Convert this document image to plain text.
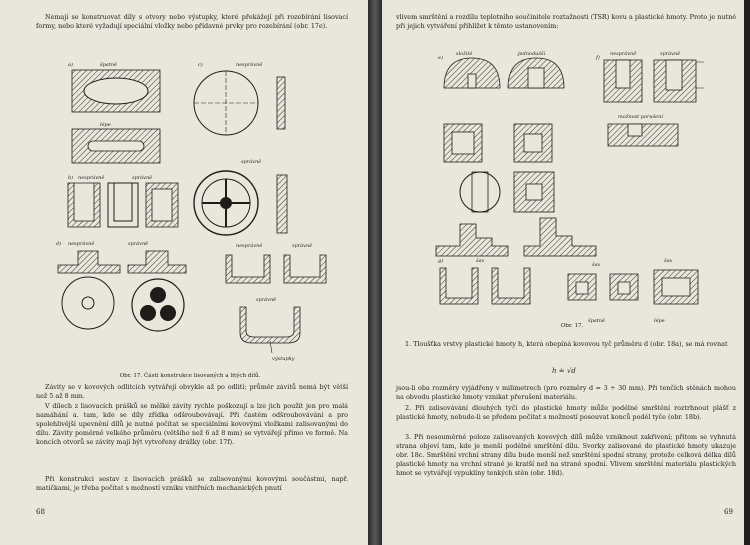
Nemají se konstruovat díly s otvory nebo výstupky, které překážejí při rozebírání lisovací formy, nebo které vyžadují speciální vložky nebo přídavné prvky pro rozebírání (obr. 17e).

a)	špatně
lépe
c)	nesprávně
správně
b) nesprávně	správně
d) nesprávně	správně	nesprávně	správně
správně
výstupky
Obr. 17. Části konstrukce lisovaných a litých dílů.

Závity se v kovových odlitcích vytvářejí obvykle až po odlití; průměr závitů nemá být větší než 5 až 8 mm.

V dílech z lisovacích prášků se mělké závity rychle poškozují a lze jich použít jen pro malá namáhání a. tam, kde se díly zřídka odšroubovávají. Při častém odšroubovávání a pro spolehlivější upevnění dílů je nutné počítat se speciálními kovovými vložkami zalisovanými do dílu. Závity poměrně velkého průměru (většího než 6 až 8 mm) se vytvářejí přímo ve formě. Na koncích otvorů se závity mají být vytvořeny drážky (obr. 17f).

Při konstrukci sestav z lisovacích prášků se zalisovanými kovovými součástmi, např. matičkami, je třeba počítat s možností vzniku vnitřních mechanických pnutí

68

vlivem smrštění a rozdílu teplotního součinitele roztažnosti (TSR) kovu a plastické hmoty. Proto je nutné při jejich vytváření přihlížet k těmto ustanovením:

e)
složité	jednodušší
f)
nesprávně	správně
možnost porušení
g)	šav
šav
šav
špatně	lépe
Obr. 17.

1. Tloušťka vrstvy plastické hmoty h, která obepíná kovovou tyč průměru d (obr. 18a), se má rovnat

h ≐ √d

jsou-li oba rozměry vyjádřeny v milimetrech (pro rozměry d = 3 ÷ 30 mm). Při tenčích stěnách mohou na obvodu plastické hmoty vznikat přerušení materiálu.

2. Při zalisovávání dlouhých tyčí do plastické hmoty může podélné smrštění roztrhnout plášť z plastické hmoty, nebude-li se předem počítat s možností posouvat konců podél tyče (obr. 18b).

3. Při nesouměrné poloze zalisovaných kovových dílů může vzniknout zakřivení; přitom se vyhnutá strana objeví tam, kde je menší podélné smrštění dílu. Svorky zalisované do plastické hmoty ukazuje obr. 18c. Smrštění vrchní strany dílu bude menší než smrštění spodní strany, protože celková délka dílů plastické hmoty na vrchní straně je kratší než na straně spodní. Vlivem smrštění materiálu plastických hmot se vytvářejí vypuklíny tenkých stěn (obr. 18d).

69
